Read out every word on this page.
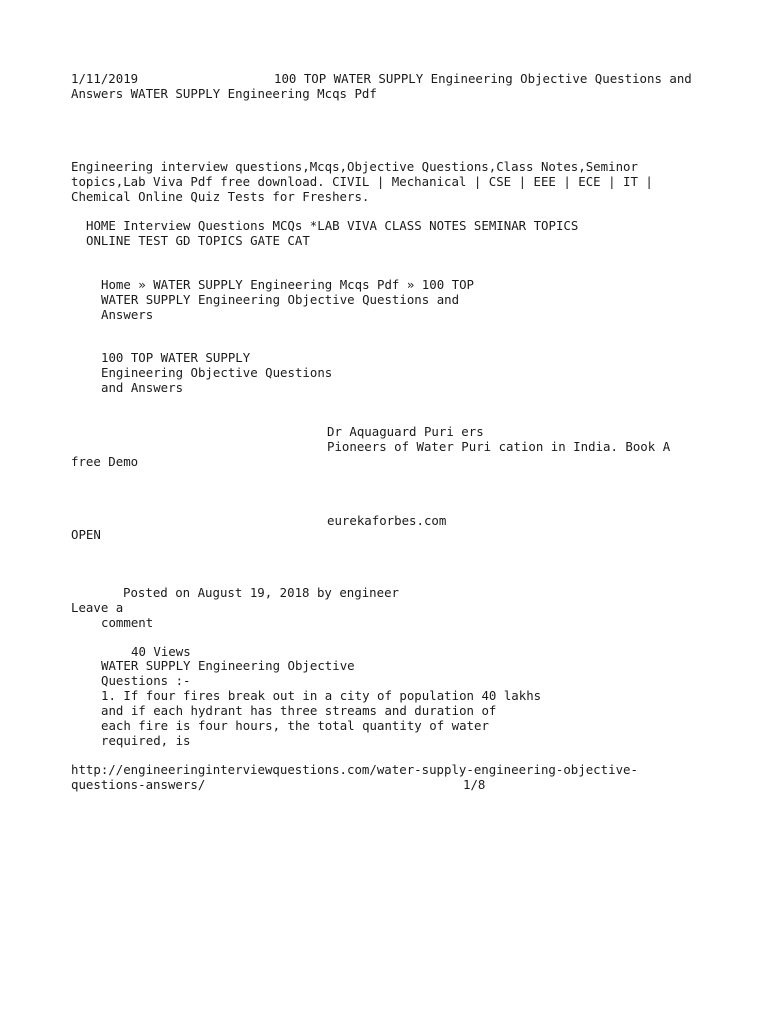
1/11/2019	100 TOP WATER SUPPLY Engineering Objective Questions and
Answers WATER SUPPLY Engineering Mcqs Pdf
Engineering interview questions,Mcqs,Objective Questions,Class Notes,Seminor
topics,Lab Viva Pdf free download. CIVIL | Mechanical | CSE | EEE | ECE | IT |
Chemical Online Quiz Tests for Freshers.
HOME Interview Questions MCQs *LAB VIVA CLASS NOTES SEMINAR TOPICS
ONLINE TEST GD TOPICS GATE CAT
Home » WATER SUPPLY Engineering Mcqs Pdf » 100 TOP
WATER SUPPLY Engineering Objective Questions and
Answers
100 TOP WATER SUPPLY
Engineering Objective Questions
and Answers
Dr Aquaguard Puri ers
Pioneers of Water Puri cation in India. Book A
free Demo
eurekaforbes.com
OPEN
Posted on August 19, 2018 by engineer
Leave a
comment
40 Views
WATER SUPPLY Engineering Objective
Questions :-
1. If four fires break out in a city of population 40 lakhs
and if each hydrant has three streams and duration of
each fire is four hours, the total quantity of water
required, is
http://engineeringinterviewquestions.com/water-supply-engineering-objective-
questions-answers/	1/8
